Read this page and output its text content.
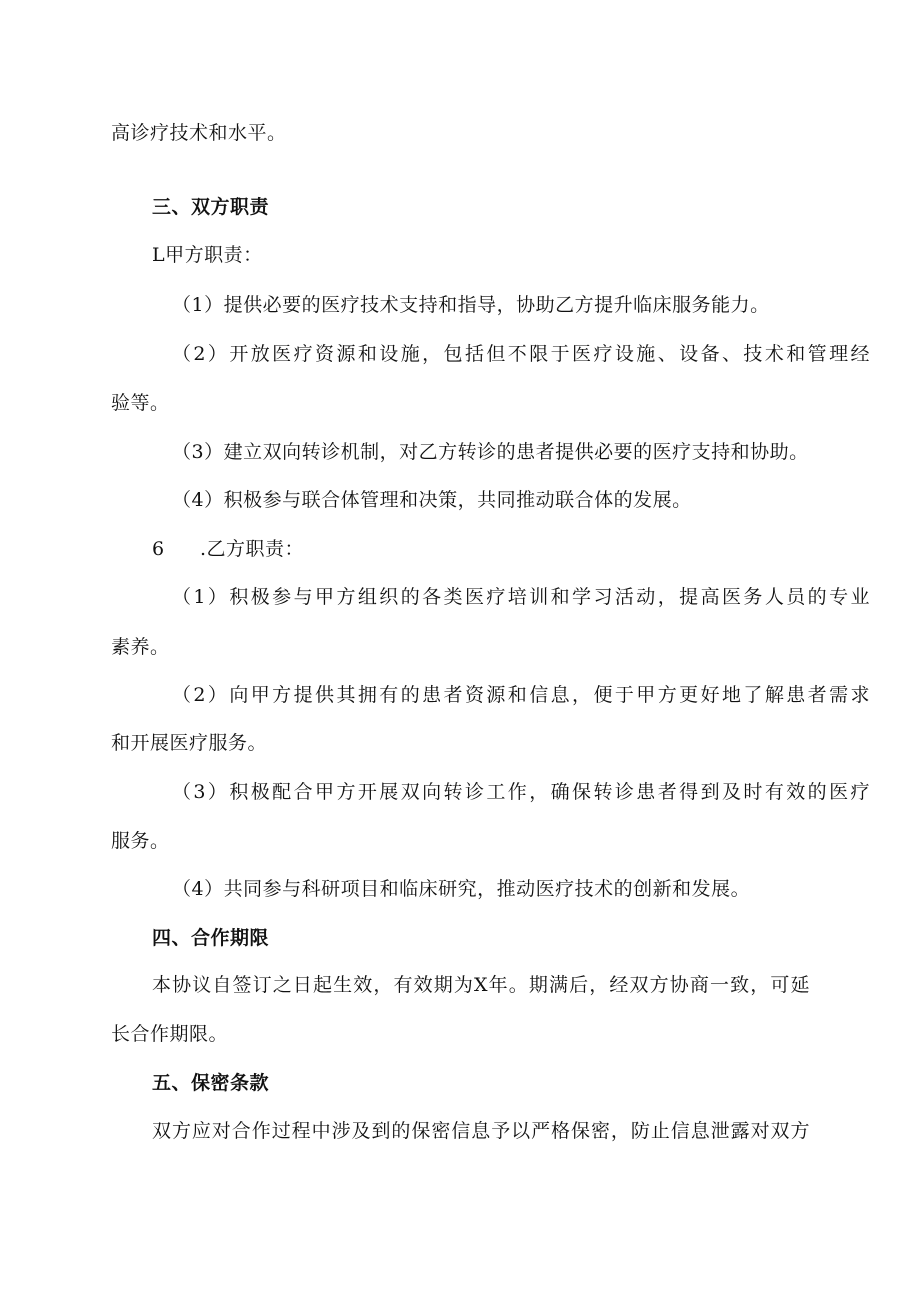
高诊疗技术和水平。
三、双方职责
L甲方职责：
（1）提供必要的医疗技术支持和指导，协助乙方提升临床服务能力。
（2）开放医疗资源和设施，包括但不限于医疗设施、设备、技术和管理经
验等。
（3）建立双向转诊机制，对乙方转诊的患者提供必要的医疗支持和协助。
（4）积极参与联合体管理和决策，共同推动联合体的发展。
6 .乙方职责：
（1）积极参与甲方组织的各类医疗培训和学习活动，提高医务人员的专业
素养。
（2）向甲方提供其拥有的患者资源和信息，便于甲方更好地了解患者需求
和开展医疗服务。
（3）积极配合甲方开展双向转诊工作，确保转诊患者得到及时有效的医疗
服务。
（4）共同参与科研项目和临床研究，推动医疗技术的创新和发展。
四、合作期限
本协议自签订之日起生效，有效期为X年。期满后，经双方协商一致，可延
长合作期限。
五、保密条款
双方应对合作过程中涉及到的保密信息予以严格保密，防止信息泄露对双方
